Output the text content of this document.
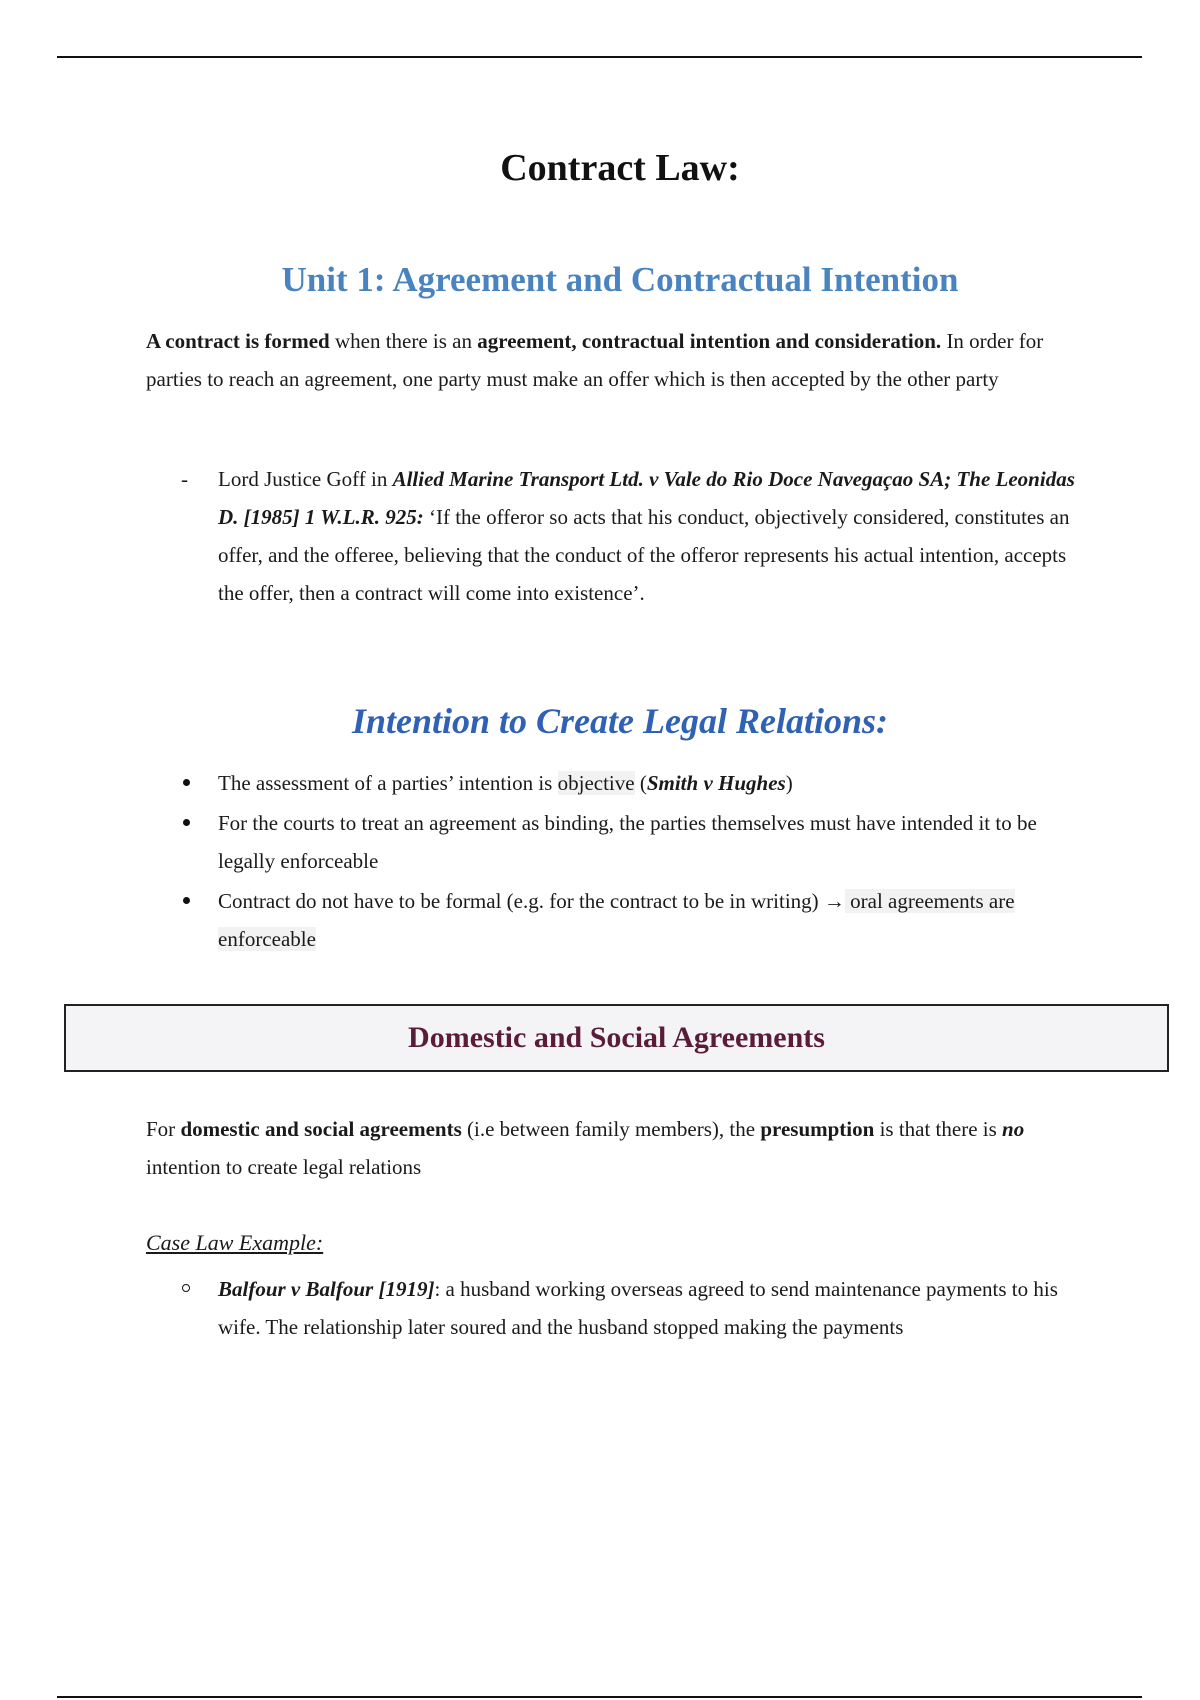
Contract Law:
Unit 1: Agreement and Contractual Intention
A contract is formed when there is an agreement, contractual intention and consideration. In order for parties to reach an agreement, one party must make an offer which is then accepted by the other party
- Lord Justice Goff in Allied Marine Transport Ltd. v Vale do Rio Doce Navegaçao SA; The Leonidas D. [1985] 1 W.L.R. 925: ‘If the offeror so acts that his conduct, objectively considered, constitutes an offer, and the offeree, believing that the conduct of the offeror represents his actual intention, accepts the offer, then a contract will come into existence’.
Intention to Create Legal Relations:
The assessment of a parties’ intention is objective (Smith v Hughes)
For the courts to treat an agreement as binding, the parties themselves must have intended it to be legally enforceable
Contract do not have to be formal (e.g. for the contract to be in writing) → oral agreements are enforceable
Domestic and Social Agreements
For domestic and social agreements (i.e between family members), the presumption is that there is no intention to create legal relations
Case Law Example:
Balfour v Balfour [1919]: a husband working overseas agreed to send maintenance payments to his wife. The relationship later soured and the husband stopped making the payments
